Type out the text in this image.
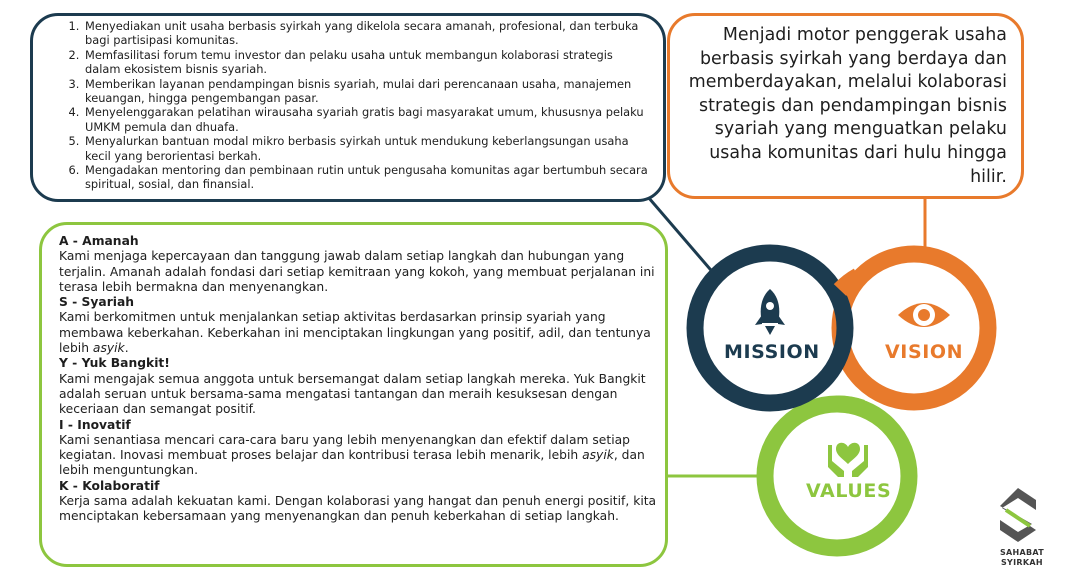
1. Menyediakan unit usaha berbasis syirkah yang dikelola secara amanah, profesional, dan terbuka bagi partisipasi komunitas.
2. Memfasilitasi forum temu investor dan pelaku usaha untuk membangun kolaborasi strategis dalam ekosistem bisnis syariah.
3. Memberikan layanan pendampingan bisnis syariah, mulai dari perencanaan usaha, manajemen keuangan, hingga pengembangan pasar.
4. Menyelenggarakan pelatihan wirausaha syariah gratis bagi masyarakat umum, khususnya pelaku UMKM pemula dan dhuafa.
5. Menyalurkan bantuan modal mikro berbasis syirkah untuk mendukung keberlangsungan usaha kecil yang berorientasi berkah.
6. Mengadakan mentoring dan pembinaan rutin untuk pengusaha komunitas agar bertumbuh secara spiritual, sosial, dan finansial.
Menjadi motor penggerak usaha berbasis syirkah yang berdaya dan memberdayakan, melalui kolaborasi strategis dan pendampingan bisnis syariah yang menguatkan pelaku usaha komunitas dari hulu hingga hilir.
A - Amanah
Kami menjaga kepercayaan dan tanggung jawab dalam setiap langkah dan hubungan yang terjalin. Amanah adalah fondasi dari setiap kemitraan yang kokoh, yang membuat perjalanan ini terasa lebih bermakna dan menyenangkan.
S - Syariah
Kami berkomitmen untuk menjalankan setiap aktivitas berdasarkan prinsip syariah yang membawa keberkahan. Keberkahan ini menciptakan lingkungan yang positif, adil, dan tentunya lebih asyik.
Y - Yuk Bangkit!
Kami mengajak semua anggota untuk bersemangat dalam setiap langkah mereka. Yuk Bangkit adalah seruan untuk bersama-sama mengatasi tantangan dan meraih kesuksesan dengan keceriaan dan semangat positif.
I - Inovatif
Kami senantiasa mencari cara-cara baru yang lebih menyenangkan dan efektif dalam setiap kegiatan. Inovasi membuat proses belajar dan kontribusi terasa lebih menarik, lebih asyik, dan lebih menguntungkan.
K - Kolaboratif
Kerja sama adalah kekuatan kami. Dengan kolaborasi yang hangat dan penuh energi positif, kita menciptakan kebersamaan yang menyenangkan dan penuh keberkahan di setiap langkah.
MISSION	VISION
VALUES
SAHABAT
SYIRKAH
